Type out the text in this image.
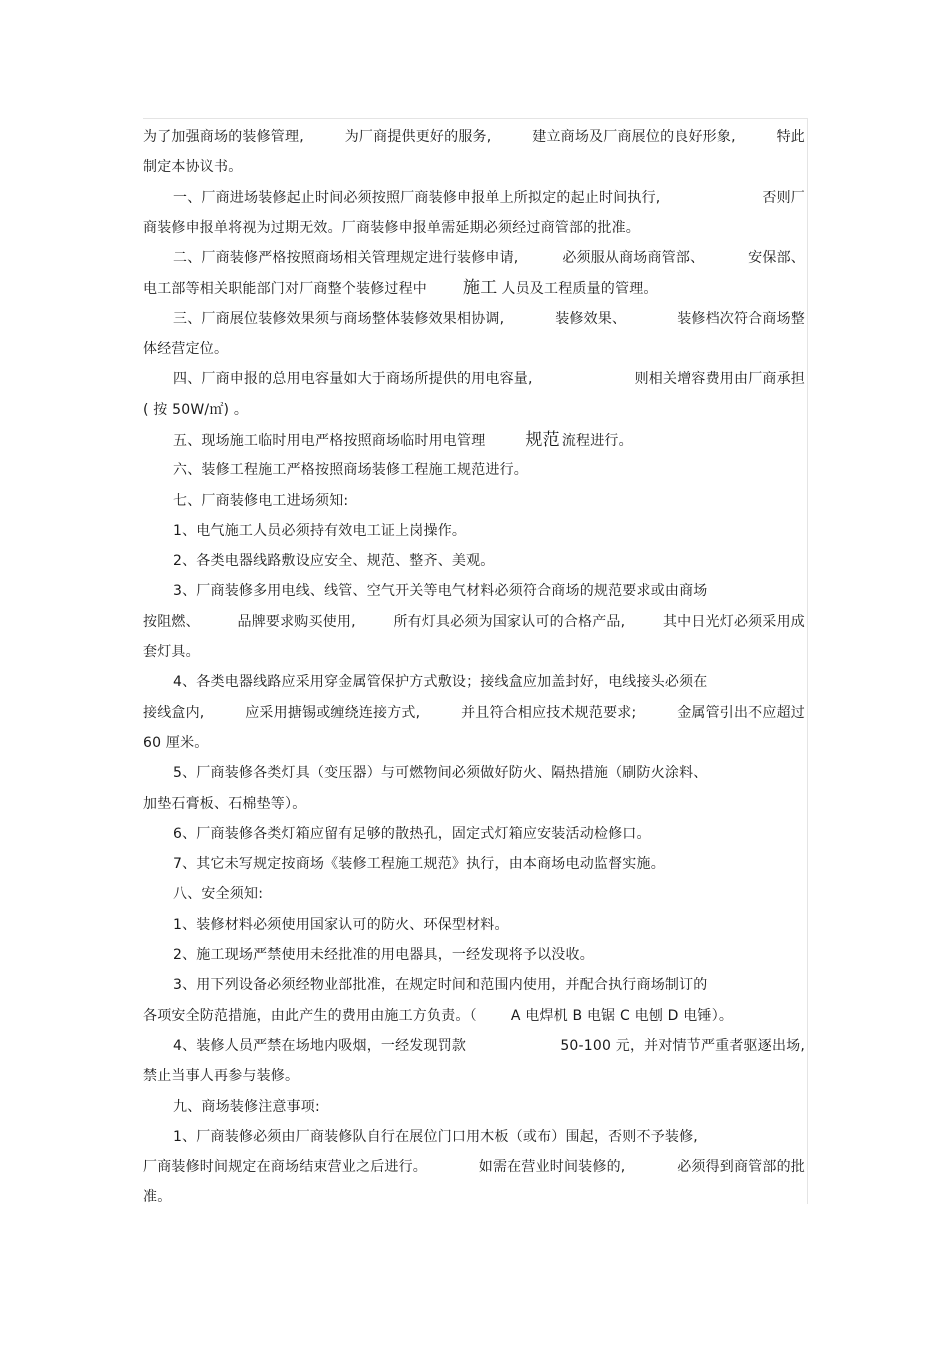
为了加强商场的装修管理,	为厂商提供更好的服务,	建立商场及厂商展位的良好形象,	特此
制定本协议书。
一、厂商进场装修起止时间必须按照厂商装修申报单上所拟定的起止时间执行,	否则厂
商装修申报单将视为过期无效。厂商装修申报单需延期必须经过商管部的批准。
二、厂商装修严格按照商场相关管理规定进行装修申请,	必须服从商场商管部、	安保部、
电工部等相关职能部门对厂商整个装修过程中 施工 人员及工程质量的管理。
三、厂商展位装修效果须与商场整体装修效果相协调,	装修效果、	装修档次符合商场整
体经营定位。
四、厂商申报的总用电容量如大于商场所提供的用电容量,	则相关增容费用由厂商承担
( 按 50W/㎡) 。
五、现场施工临时用电严格按照商场临时用电管理 规范 流程进行。
六、装修工程施工严格按照商场装修工程施工规范进行。
七、厂商装修电工进场须知:
1、电气施工人员必须持有效电工证上岗操作。
2、各类电器线路敷设应安全、规范、整齐、美观。
3、厂商装修多用电线、线管、空气开关等电气材料必须符合商场的规范要求或由商场
按阻燃、	品牌要求购买使用,	所有灯具必须为国家认可的合格产品,	其中日光灯必须采用成
套灯具。
4、各类电器线路应采用穿金属管保护方式敷设；接线盒应加盖封好，电线接头必须在
接线盒内,	应采用搪锡或缠绕连接方式,	并且符合相应技术规范要求;	金属管引出不应超过
60 厘米。
5、厂商装修各类灯具（变压器）与可燃物间必须做好防火、隔热措施（刷防火涂料、
加垫石膏板、石棉垫等）。
6、厂商装修各类灯箱应留有足够的散热孔，固定式灯箱应安装活动检修口。
7、其它未写规定按商场《装修工程施工规范》执行，由本商场电动监督实施。
八、安全须知:
1、装修材料必须使用国家认可的防火、环保型材料。
2、施工现场严禁使用未经批准的用电器具，一经发现将予以没收。
3、用下列设备必须经物业部批准，在规定时间和范围内使用，并配合执行商场制订的
各项安全防范措施，由此产生的费用由施工方负责。（ A 电焊机 B 电锯 C 电刨 D 电锤）。
4、装修人员严禁在场地内吸烟，一经发现罚款	50-100 元，并对情节严重者驱逐出场,
禁止当事人再参与装修。
九、商场装修注意事项:
1、厂商装修必须由厂商装修队自行在展位门口用木板（或布）围起，否则不予装修,
厂商装修时间规定在商场结束营业之后进行。	如需在营业时间装修的,	必须得到商管部的批
准。
